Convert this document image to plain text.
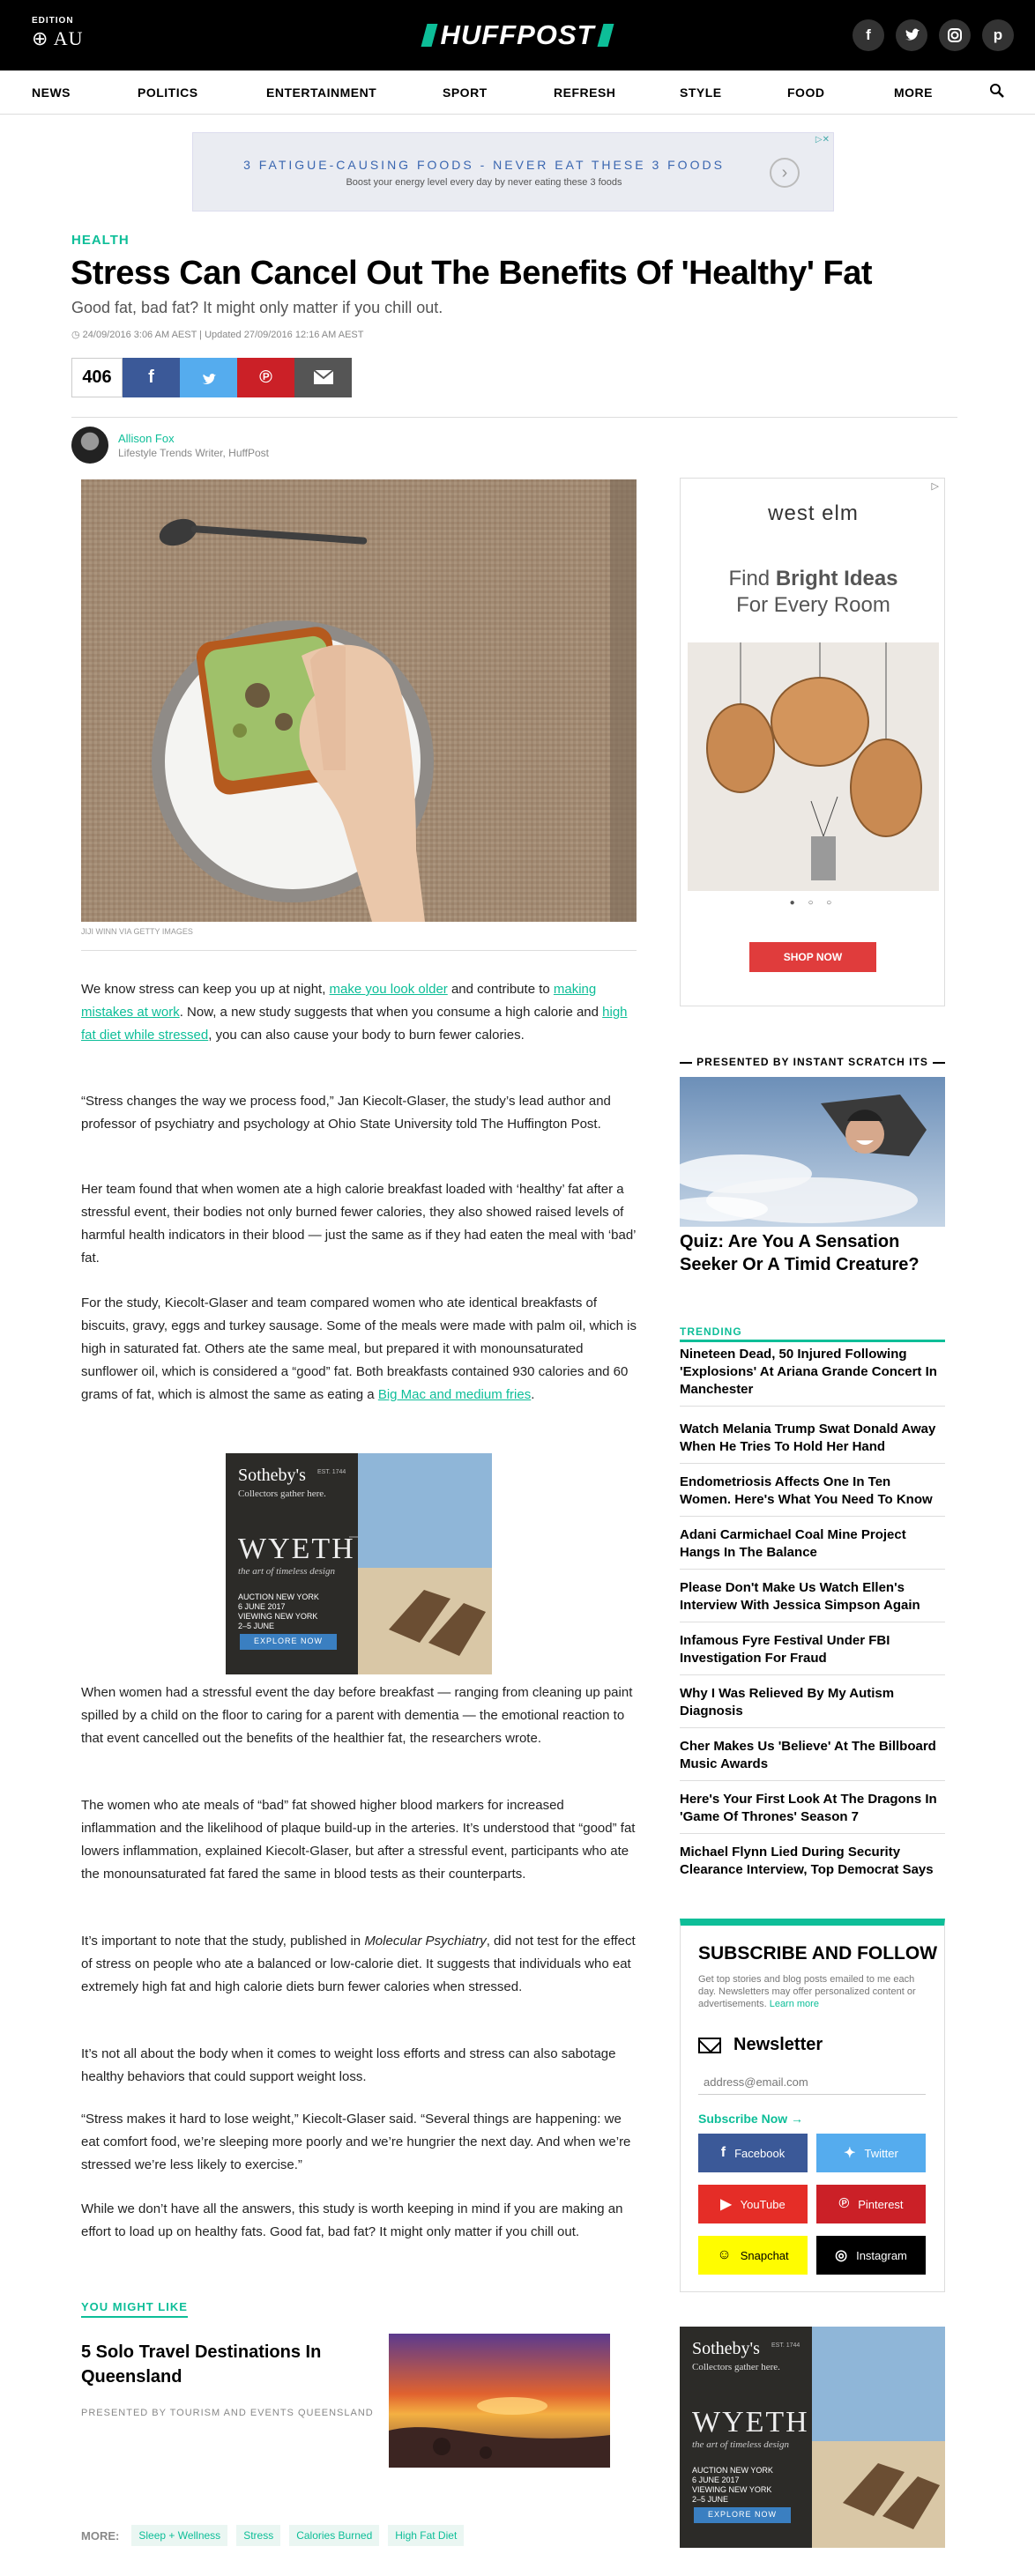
EDITION
⊕ AU	HUFFPOST	f	p
NEWS	POLITICS	ENTERTAINMENT	SPORT	REFRESH	STYLE	FOOD	MORE
3 FATIGUE-CAUSING FOODS - NEVER EAT THESE 3 FOODS
Boost your energy level every day by never eating these 3 foods	›
▷✕
HEALTH
Stress Can Cancel Out The Benefits Of 'Healthy' Fat
Good fat, bad fat? It might only matter if you chill out.
◷ 24/09/2016 3:06 AM AEST | Updated 27/09/2016 12:16 AM AEST
406	f	℗
Allison Fox
Lifestyle Trends Writer, HuffPost
JIJI WINN VIA GETTY IMAGES

We know stress can keep you up at night, make you look older and contribute to making mistakes at work. Now, a new study suggests that when you consume a high calorie and high fat diet while stressed, you can also cause your body to burn fewer calories.

“Stress changes the way we process food,” Jan Kiecolt-Glaser, the study’s lead author and professor of psychiatry and psychology at Ohio State University told The Huffington Post.

Her team found that when women ate a high calorie breakfast loaded with ‘healthy’ fat after a stressful event, their bodies not only burned fewer calories, they also showed raised levels of harmful health indicators in their blood — just the same as if they had eaten the meal with ‘bad’ fat.

For the study, Kiecolt-Glaser and team compared women who ate identical breakfasts of biscuits, gravy, eggs and turkey sausage. Some of the meals were made with palm oil, which is high in saturated fat. Others ate the same meal, but prepared it with monounsaturated sunflower oil, which is considered a “good” fat. Both breakfasts contained 930 calories and 60 grams of fat, which is almost the same as eating a Big Mac and medium fries.

Sotheby's EST. 1744
Collectors gather here.
WYETH
the art of timeless design
AUCTION NEW YORK
6 JUNE 2017
VIEWING NEW YORK
2–5 JUNE
EXPLORE NOW

When women had a stressful event the day before breakfast — ranging from cleaning up paint spilled by a child on the floor to caring for a parent with dementia — the emotional reaction to that event cancelled out the benefits of the healthier fat, the researchers wrote.

The women who ate meals of “bad” fat showed higher blood markers for increased inflammation and the likelihood of plaque build-up in the arteries. It’s understood that “good” fat lowers inflammation, explained Kiecolt-Glaser, but after a stressful event, participants who ate the monounsaturated fat fared the same in blood tests as their counterparts.

It’s important to note that the study, published in Molecular Psychiatry, did not test for the effect of stress on people who ate a balanced or low-calorie diet. It suggests that individuals who eat extremely high fat and high calorie diets burn fewer calories when stressed.

It’s not all about the body when it comes to weight loss efforts and stress can also sabotage healthy behaviors that could support weight loss.

“Stress makes it hard to lose weight,” Kiecolt-Glaser said. “Several things are happening: we eat comfort food, we’re sleeping more poorly and we’re hungrier the next day. And when we’re stressed we’re less likely to exercise.”

While we don’t have all the answers, this study is worth keeping in mind if you are making an effort to load up on healthy fats. Good fat, bad fat? It might only matter if you chill out.

YOU MIGHT LIKE
5 Solo Travel Destinations In Queensland
PRESENTED BY TOURISM AND EVENTS QUEENSLAND
MORE:	Sleep + Wellness	Stress	Calories Burned	High Fat Diet
▷
west elm
Find Bright Ideas
For Every Room
● ○ ○
SHOP NOW
PRESENTED BY INSTANT SCRATCH ITS
Quiz: Are You A Sensation Seeker Or A Timid Creature?
TRENDING
Nineteen Dead, 50 Injured Following 'Explosions' At Ariana Grande Concert In Manchester
Watch Melania Trump Swat Donald Away When He Tries To Hold Her Hand
Endometriosis Affects One In Ten Women. Here's What You Need To Know
Adani Carmichael Coal Mine Project Hangs In The Balance
Please Don't Make Us Watch Ellen's Interview With Jessica Simpson Again
Infamous Fyre Festival Under FBI Investigation For Fraud
Why I Was Relieved By My Autism Diagnosis
Cher Makes Us 'Believe' At The Billboard Music Awards
Here's Your First Look At The Dragons In 'Game Of Thrones' Season 7
Michael Flynn Lied During Security Clearance Interview, Top Democrat Says
SUBSCRIBE AND FOLLOW
Get top stories and blog posts emailed to me each day. Newsletters may offer personalized content or advertisements. Learn more
Newsletter
address@email.com
Subscribe Now →
f Facebook	✦ Twitter
▶ YouTube	℗ Pinterest
☺ Snapchat	◎ Instagram
Sotheby's EST. 1744
Collectors gather here.
WYETH
the art of timeless design
AUCTION NEW YORK
6 JUNE 2017
VIEWING NEW YORK
2–5 JUNE
EXPLORE NOW
